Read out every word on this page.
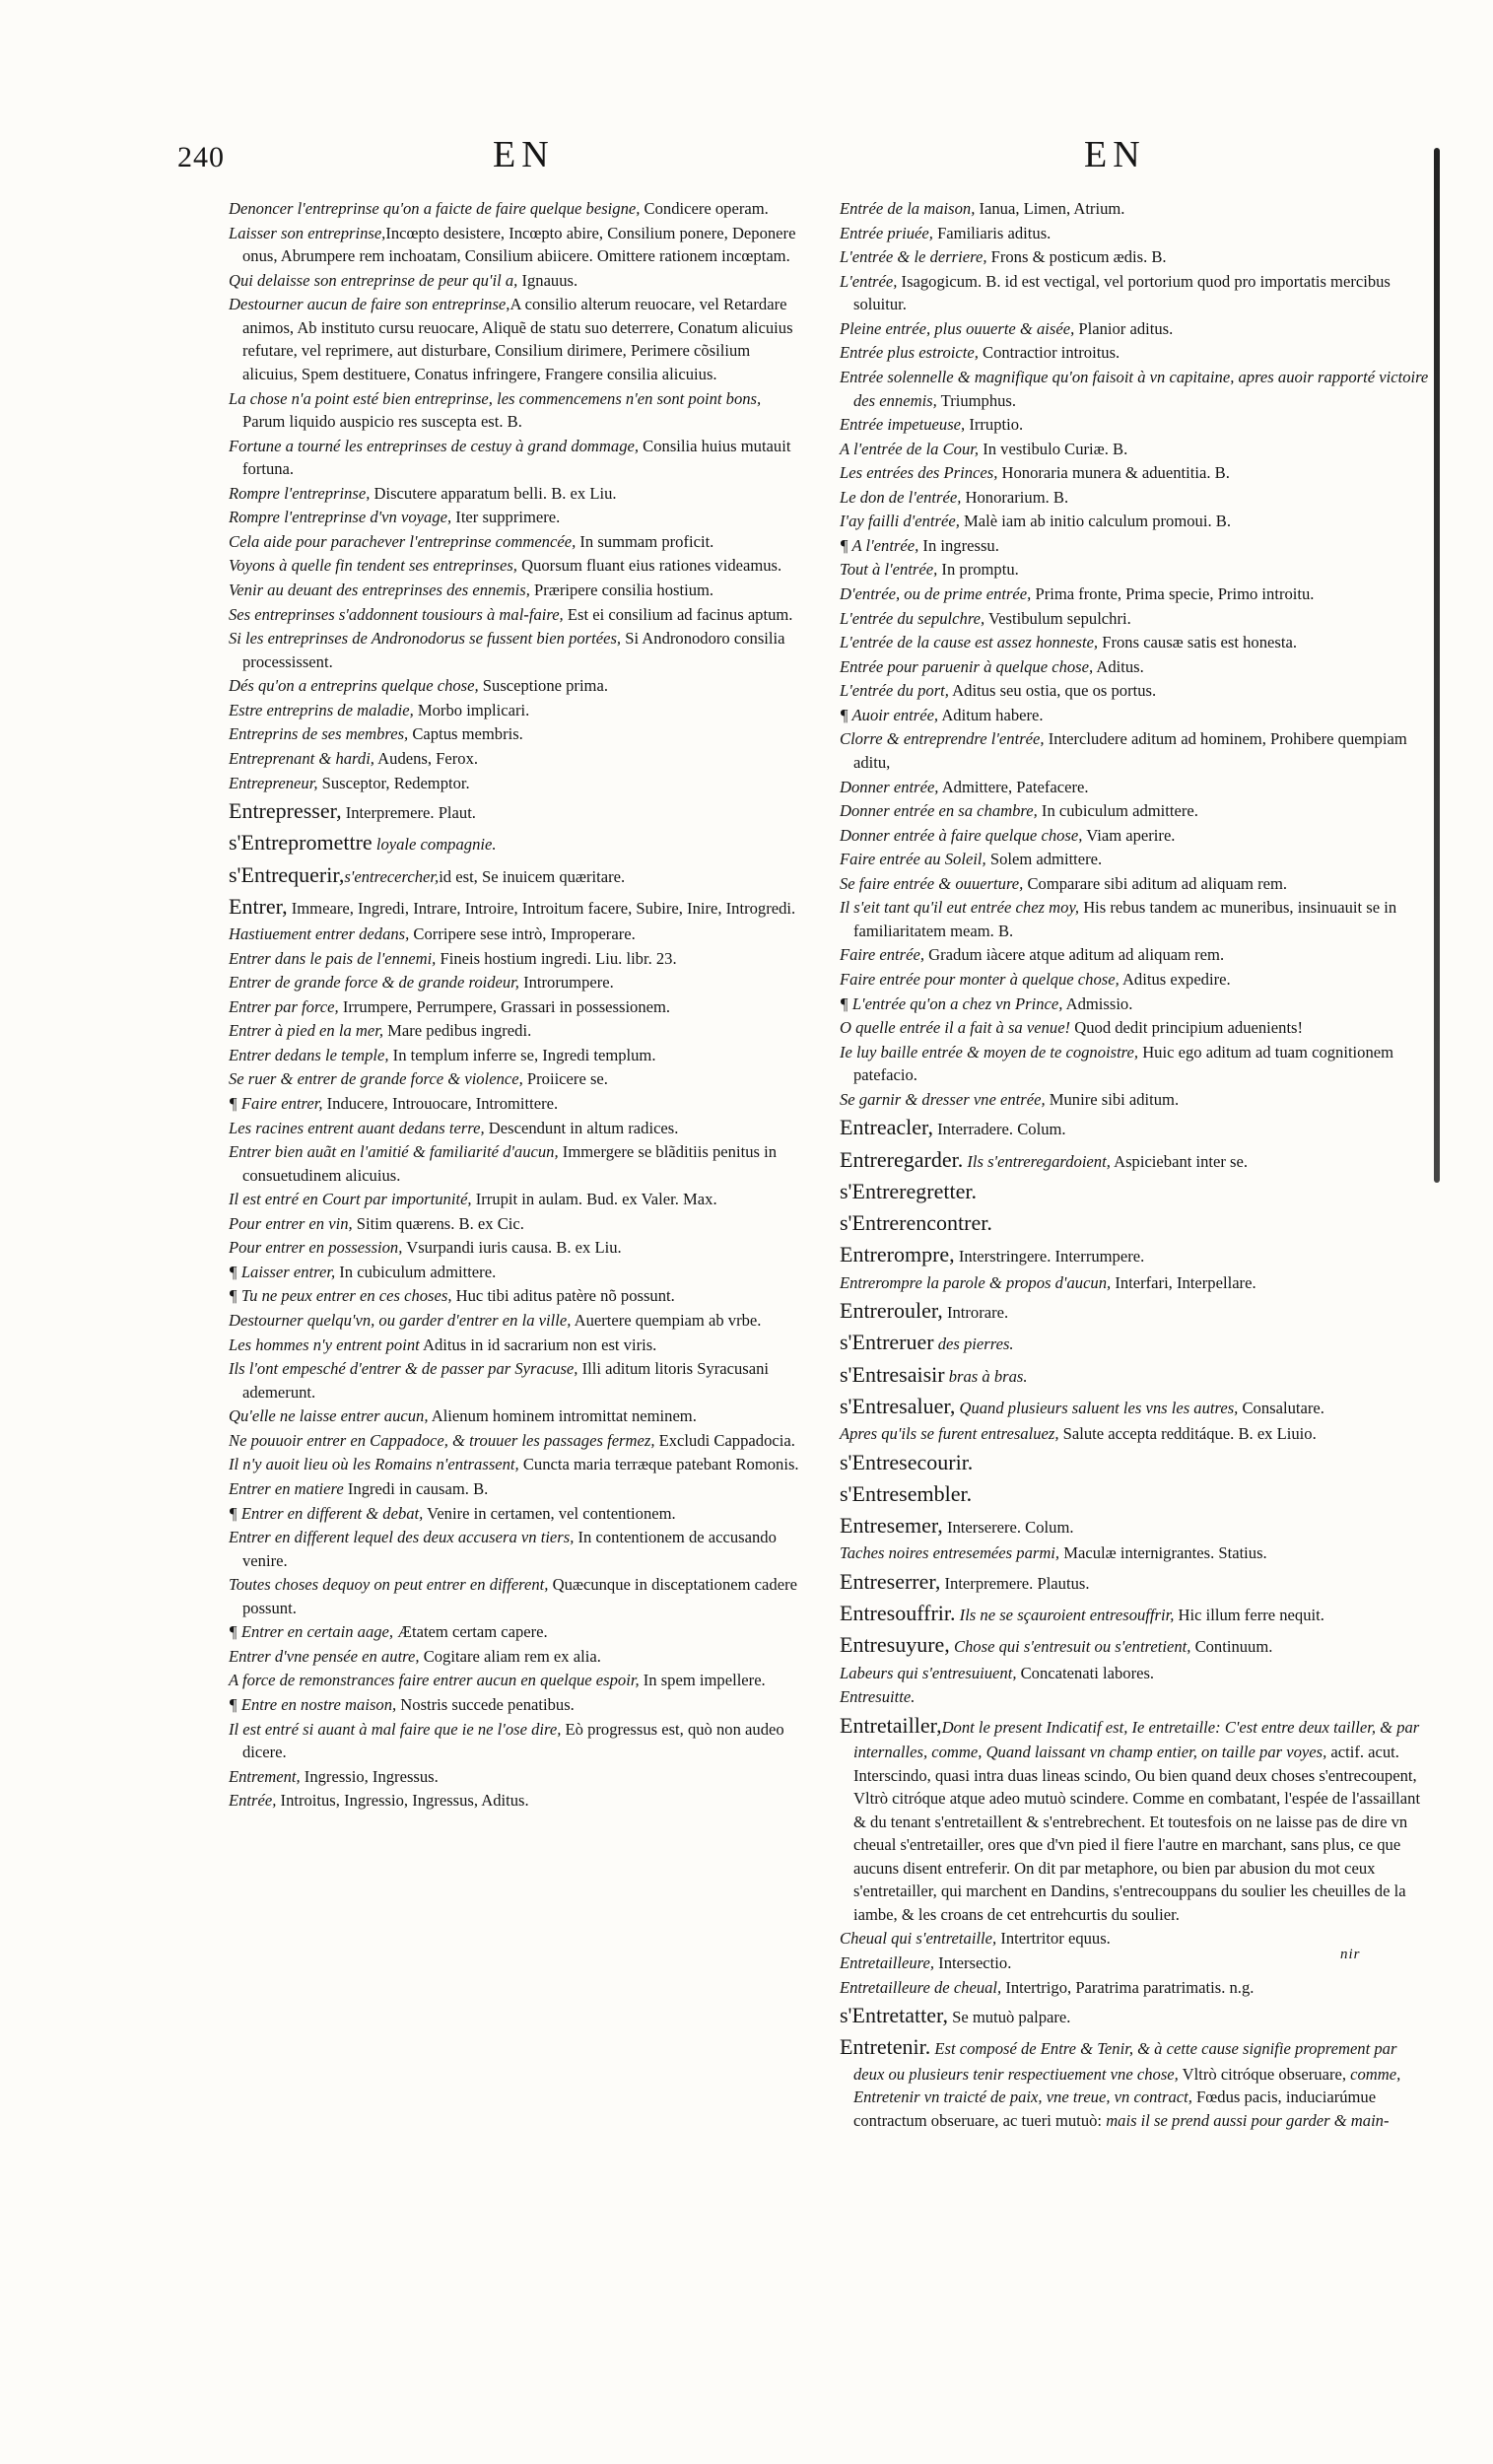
240	EN	EN
Denoncer l'entreprinse qu'on a faicte de faire quelque besigne, Condicere operam.
Laisser son entreprinse,Incœpto desistere, Incœpto abire, Consilium ponere, Deponere onus, Abrumpere rem inchoatam, Consilium abiicere. Omittere rationem incœptam.
Qui delaisse son entreprinse de peur qu'il a, Ignauus.
Destourner aucun de faire son entreprinse,A consilio alterum reuocare, vel Retardare animos, Ab instituto cursu reuocare, Aliquẽ de statu suo deterrere, Conatum alicuius refutare, vel reprimere, aut disturbare, Consilium dirimere, Perimere cõsilium alicuius, Spem destituere, Conatus infringere, Frangere consilia alicuius.
La chose n'a point esté bien entreprinse, les commencemens n'en sont point bons, Parum liquido auspicio res suscepta est. B.
Fortune a tourné les entreprinses de cestuy à grand dommage, Consilia huius mutauit fortuna.
Rompre l'entreprinse, Discutere apparatum belli. B. ex Liu.
Rompre l'entreprinse d'vn voyage, Iter supprimere.
Cela aide pour parachever l'entreprinse commencée, In summam proficit.
Voyons à quelle fin tendent ses entreprinses, Quorsum fluant eius rationes videamus.
Venir au deuant des entreprinses des ennemis, Præripere consilia hostium.
Ses entreprinses s'addonnent tousiours à mal-faire, Est ei consilium ad facinus aptum.
Si les entreprinses de Andronodorus se fussent bien portées, Si Andronodoro consilia processissent.
Dés qu'on a entreprins quelque chose, Susceptione prima.
Estre entreprins de maladie, Morbo implicari.
Entreprins de ses membres, Captus membris.
Entreprenant & hardi, Audens, Ferox.
Entrepreneur, Susceptor, Redemptor.
Entrepresser, Interpremere. Plaut.
s'Entrepromettre loyale compagnie.
s'Entrequerir,s'entrecercher,id est, Se inuicem quæritare.
Entrer, Immeare, Ingredi, Intrare, Introire, Introitum facere, Subire, Inire, Introgredi.
Hastiuement entrer dedans, Corripere sese intrò, Improperare.
Entrer dans le pais de l'ennemi, Fineis hostium ingredi. Liu. libr. 23.
Entrer de grande force & de grande roideur, Introrumpere.
Entrer par force, Irrumpere, Perrumpere, Grassari in possessionem.
Entrer à pied en la mer, Mare pedibus ingredi.
Entrer dedans le temple, In templum inferre se, Ingredi templum.
Se ruer & entrer de grande force & violence, Proiicere se.
¶ Faire entrer, Inducere, Introuocare, Intromittere.
Les racines entrent auant dedans terre, Descendunt in altum radices.
Entrer bien auãt en l'amitié & familiarité d'aucun, Immergere se blãditiis penitus in consuetudinem alicuius.
Il est entré en Court par importunité, Irrupit in aulam. Bud. ex Valer. Max.
Pour entrer en vin, Sitim quærens. B. ex Cic.
Pour entrer en possession, Vsurpandi iuris causa. B. ex Liu.
¶ Laisser entrer, In cubiculum admittere.
¶ Tu ne peux entrer en ces choses, Huc tibi aditus patère nõ possunt.
Destourner quelqu'vn, ou garder d'entrer en la ville, Auertere quempiam ab vrbe.
Les hommes n'y entrent point Aditus in id sacrarium non est viris.
Ils l'ont empesché d'entrer & de passer par Syracuse, Illi aditum litoris Syracusani ademerunt.
Qu'elle ne laisse entrer aucun, Alienum hominem intromittat neminem.
Ne pouuoir entrer en Cappadoce, & trouuer les passages fermez, Excludi Cappadocia.
Il n'y auoit lieu où les Romains n'entrassent, Cuncta maria terræque patebant Romonis.
Entrer en matiere Ingredi in causam. B.
¶ Entrer en different & debat, Venire in certamen, vel contentionem.
Entrer en different lequel des deux accusera vn tiers, In contentionem de accusando venire.
Toutes choses dequoy on peut entrer en different, Quæcunque in disceptationem cadere possunt.
¶ Entrer en certain aage, Ætatem certam capere.
Entrer d'vne pensée en autre, Cogitare aliam rem ex alia.
A force de remonstrances faire entrer aucun en quelque espoir, In spem impellere.
¶ Entre en nostre maison, Nostris succede penatibus.
Il est entré si auant à mal faire que ie ne l'ose dire, Eò progressus est, quò non audeo dicere.
Entrement, Ingressio, Ingressus.
Entrée, Introitus, Ingressio, Ingressus, Aditus.
Entrée de la maison, Ianua, Limen, Atrium.
Entrée priuée, Familiaris aditus.
L'entrée & le derriere, Frons & posticum ædis. B.
L'entrée, Isagogicum. B. id est vectigal, vel portorium quod pro importatis mercibus soluitur.
Pleine entrée, plus ouuerte & aisée, Planior aditus.
Entrée plus estroicte, Contractior introitus.
Entrée solennelle & magnifique qu'on faisoit à vn capitaine, apres auoir rapporté victoire des ennemis, Triumphus.
Entrée impetueuse, Irruptio.
A l'entrée de la Cour, In vestibulo Curiæ. B.
Les entrées des Princes, Honoraria munera & aduentitia. B.
Le don de l'entrée, Honorarium. B.
I'ay failli d'entrée, Malè iam ab initio calculum promoui. B.
¶ A l'entrée, In ingressu.
Tout à l'entrée, In promptu.
D'entrée, ou de prime entrée, Prima fronte, Prima specie, Primo introitu.
L'entrée du sepulchre, Vestibulum sepulchri.
L'entrée de la cause est assez honneste, Frons causæ satis est honesta.
Entrée pour paruenir à quelque chose, Aditus.
L'entrée du port, Aditus seu ostia, que os portus.
¶ Auoir entrée, Aditum habere.
Clorre & entreprendre l'entrée, Intercludere aditum ad hominem, Prohibere quempiam aditu,
Donner entrée, Admittere, Patefacere.
Donner entrée en sa chambre, In cubiculum admittere.
Donner entrée à faire quelque chose, Viam aperire.
Faire entrée au Soleil, Solem admittere.
Se faire entrée & ouuerture, Comparare sibi aditum ad aliquam rem.
Il s'eit tant qu'il eut entrée chez moy, His rebus tandem ac muneribus, insinuauit se in familiaritatem meam. B.
Faire entrée, Gradum iàcere atque aditum ad aliquam rem.
Faire entrée pour monter à quelque chose, Aditus expedire.
¶ L'entrée qu'on a chez vn Prince, Admissio.
O quelle entrée il a fait à sa venue! Quod dedit principium aduenients!
Ie luy baille entrée & moyen de te cognoistre, Huic ego aditum ad tuam cognitionem patefacio.
Se garnir & dresser vne entrée, Munire sibi aditum.
Entreacler, Interradere. Colum.
Entreregarder. Ils s'entreregardoient, Aspiciebant inter se.
s'Entreregretter.
s'Entrerencontrer.
Entrerompre, Interstringere. Interrumpere.
Entrerompre la parole & propos d'aucun, Interfari, Interpellare.
Entrerouler, Introrare.
s'Entreruer des pierres.
s'Entresaisir bras à bras.
s'Entresaluer, Quand plusieurs saluent les vns les autres, Consalutare.
Apres qu'ils se furent entresaluez, Salute accepta redditáque. B. ex Liuio.
s'Entresecourir.
s'Entresembler.
Entresemer, Interserere. Colum.
Taches noires entresemées parmi, Maculæ internigrantes. Statius.
Entreserrer, Interpremere. Plautus.
Entresouffrir. Ils ne se sçauroient entresouffrir, Hic illum ferre nequit.
Entresuyure, Chose qui s'entresuit ou s'entretient, Continuum.
Labeurs qui s'entresuiuent, Concatenati labores.
Entresuitte.
Entretailler,Dont le present Indicatif est, Ie entretaille: C'est entre deux tailler, & par internalles, comme, Quand laissant vn champ entier, on taille par voyes, actif. acut. Interscindo, quasi intra duas lineas scindo, Ou bien quand deux choses s'entrecoupent, Vltrò citróque atque adeo mutuò scindere. Comme en combatant, l'espée de l'assaillant & du tenant s'entretaillent & s'entrebrechent. Et toutesfois on ne laisse pas de dire vn cheual s'entretailler, ores que d'vn pied il fiere l'autre en marchant, sans plus, ce que aucuns disent entreferir. On dit par metaphore, ou bien par abusion du mot ceux s'entretailler, qui marchent en Dandins, s'entrecouppans du soulier les cheuilles de la iambe, & les croans de cet entrehcurtis du soulier.
Cheual qui s'entretaille, Intertritor equus.
Entretailleure, Intersectio.
Entretailleure de cheual, Intertrigo, Paratrima paratrimatis. n.g.
s'Entretatter, Se mutuò palpare.
Entretenir. Est composé de Entre & Tenir, & à cette cause signifie proprement par deux ou plusieurs tenir respectiuement vne chose, Vltrò citróque obseruare, comme, Entretenir vn traicté de paix, vne treue, vn contract, Fœdus pacis, induciarúmue contractum obseruare, ac tueri mutuò: mais il se prend aussi pour garder & main-
nir
